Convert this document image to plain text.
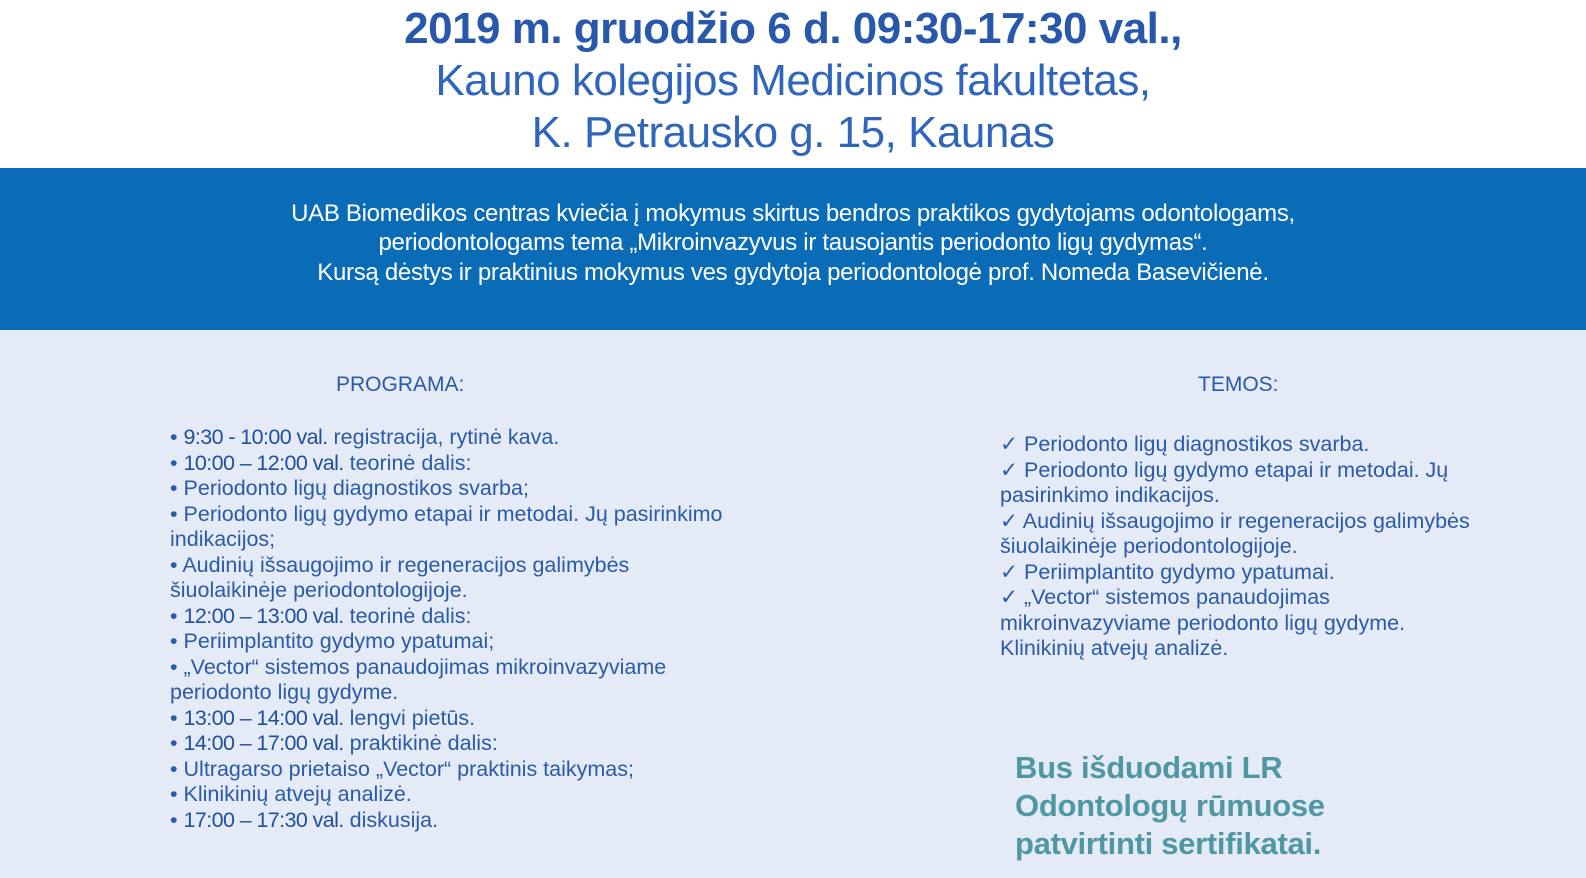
2019 m. gruodžio 6 d. 09:30-17:30 val.,
Kauno kolegijos Medicinos fakultetas,
K. Petrausko g. 15, Kaunas
UAB Biomedikos centras kviečia į mokymus skirtus bendros praktikos gydytojams odontologams,
periodontologams tema „Mikroinvazyvus ir tausojantis periodonto ligų gydymas“.
Kursą dėstys ir praktinius mokymus ves gydytoja periodontologė prof. Nomeda Basevičienė.
PROGRAMA:	TEMOS:
• 9:30 - 10:00 val. registracija, rytinė kava.
• 10:00 – 12:00 val. teorinė dalis:
• Periodonto ligų diagnostikos svarba;
• Periodonto ligų gydymo etapai ir metodai. Jų pasirinkimo indikacijos;
• Audinių išsaugojimo ir regeneracijos galimybės šiuolaikinėje periodontologijoje.
• 12:00 – 13:00 val. teorinė dalis:
• Periimplantito gydymo ypatumai;
• „Vector“ sistemos panaudojimas mikroinvazyviame periodonto ligų gydyme.
• 13:00 – 14:00 val. lengvi pietūs.
• 14:00 – 17:00 val. praktikinė dalis:
• Ultragarso prietaiso „Vector“ praktinis taikymas;
• Klinikinių atvejų analizė.
• 17:00 – 17:30 val. diskusija.
✓ Periodonto ligų diagnostikos svarba.
✓ Periodonto ligų gydymo etapai ir metodai. Jų pasirinkimo indikacijos.
✓ Audinių išsaugojimo ir regeneracijos galimybės šiuolaikinėje periodontologijoje.
✓ Periimplantito gydymo ypatumai.
✓ „Vector“ sistemos panaudojimas mikroinvazyviame periodonto ligų gydyme. Klinikinių atvejų analizė.
Bus išduodami LR
Odontologų rūmuose
patvirtinti sertifikatai.
